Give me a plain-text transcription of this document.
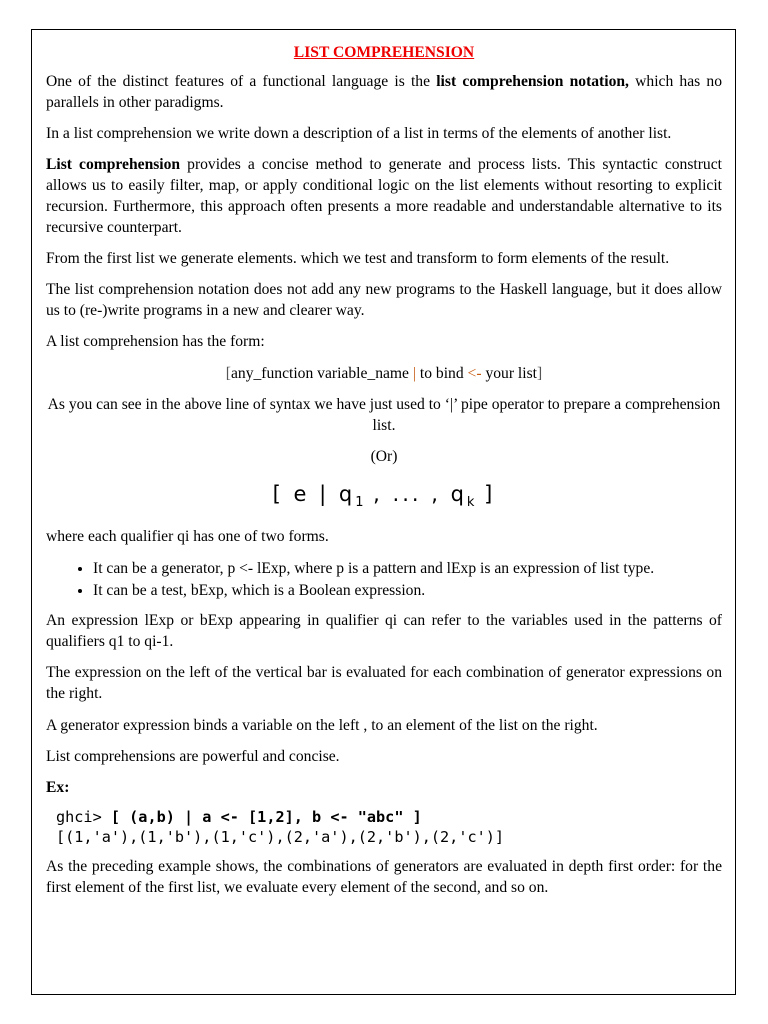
LIST COMPREHENSION

One of the distinct features of a functional language is the list comprehension notation, which has no parallels in other paradigms.

In a list comprehension we write down a description of a list in terms of the elements of another list.

List comprehension provides a concise method to generate and process lists. This syntactic construct allows us to easily filter, map, or apply conditional logic on the list elements without resorting to explicit recursion. Furthermore, this approach often presents a more readable and understandable alternative to its recursive counterpart.

From the first list we generate elements. which we test and transform to form elements of the result.

The list comprehension notation does not add any new programs to the Haskell language, but it does allow us to (re-)write programs in a new and clearer way.

A list comprehension has the form:

[any_function variable_name | to bind <- your list]

As you can see in the above line of syntax we have just used to ‘|’ pipe operator to prepare a comprehension list.

(Or)

[ e | $q_1$ , ... , $q_k$ ]

where each qualifier qi has one of two forms.

• It can be a generator, p <- lExp, where p is a pattern and lExp is an expression of list type.
• It can be a test, bExp, which is a Boolean expression.

An expression lExp or bExp appearing in qualifier qi can refer to the variables used in the patterns of qualifiers q1 to qi-1.

The expression on the left of the vertical bar is evaluated for each combination of generator expressions on the right.

A generator expression binds a variable on the left , to an element of the list on the right.

List comprehensions are powerful and concise.

Ex:
ghci> [ (a,b) | a <- [1,2], b <- "abc" ]
[(1,'a'),(1,'b'),(1,'c'),(2,'a'),(2,'b'),(2,'c')]

As the preceding example shows, the combinations of generators are evaluated in depth first order: for the first element of the first list, we evaluate every element of the second, and so on.
